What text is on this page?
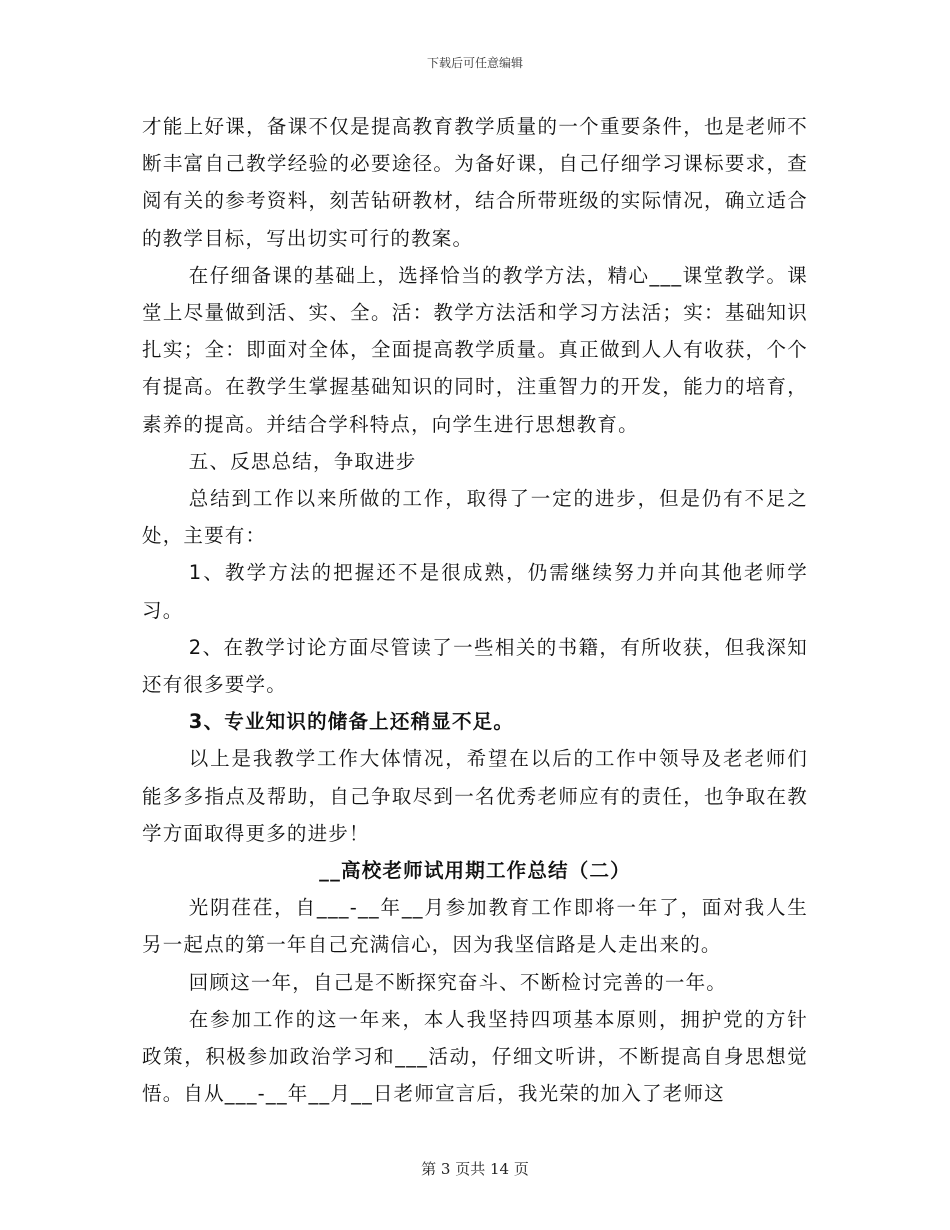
下载后可任意编辑

才能上好课，备课不仅是提高教育教学质量的一个重要条件，也是老师不断丰富自己教学经验的必要途径。为备好课，自己仔细学习课标要求，查阅有关的参考资料，刻苦钻研教材，结合所带班级的实际情况，确立适合的教学目标，写出切实可行的教案。

在仔细备课的基础上，选择恰当的教学方法，精心___课堂教学。课堂上尽量做到活、实、全。活：教学方法活和学习方法活；实：基础知识扎实；全：即面对全体，全面提高教学质量。真正做到人人有收获，个个有提高。在教学生掌握基础知识的同时，注重智力的开发，能力的培育，素养的提高。并结合学科特点，向学生进行思想教育。

五、反思总结，争取进步

总结到工作以来所做的工作，取得了一定的进步，但是仍有不足之处，主要有：

1、教学方法的把握还不是很成熟，仍需继续努力并向其他老师学习。

2、在教学讨论方面尽管读了一些相关的书籍，有所收获，但我深知还有很多要学。

3、专业知识的储备上还稍显不足。

以上是我教学工作大体情况，希望在以后的工作中领导及老老师们能多多指点及帮助，自己争取尽到一名优秀老师应有的责任，也争取在教学方面取得更多的进步！

__高校老师试用期工作总结（二）

光阴荏荏，自___-__年__月参加教育工作即将一年了，面对我人生另一起点的第一年自己充满信心，因为我坚信路是人走出来的。

回顾这一年，自己是不断探究奋斗、不断检讨完善的一年。

在参加工作的这一年来，本人我坚持四项基本原则，拥护党的方针政策，积极参加政治学习和___活动，仔细文听讲，不断提高自身思想觉悟。自从___-__年__月__日老师宣言后，我光荣的加入了老师这

第 3 页共 14 页
